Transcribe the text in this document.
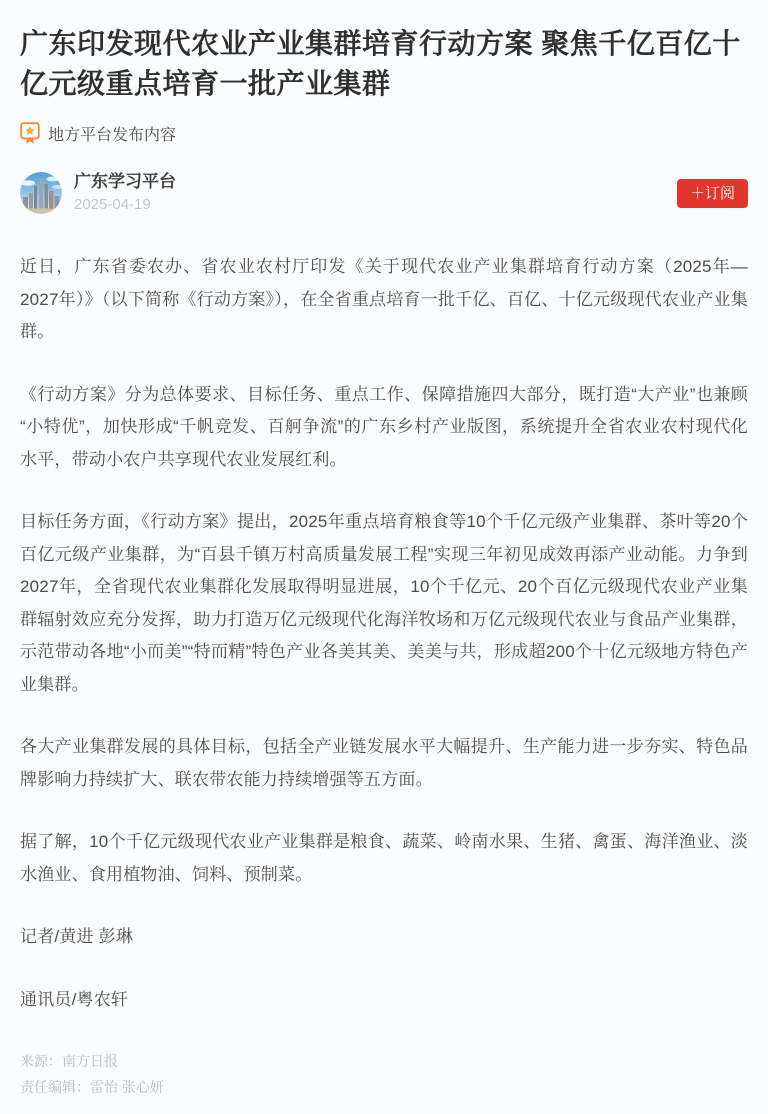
广东印发现代农业产业集群培育行动方案 聚焦千亿百亿十亿元级重点培育一批产业集群
地方平台发布内容
广东学习平台
2025-04-19
＋订阅

近日，广东省委农办、省农业农村厅印发《关于现代农业产业集群培育行动方案（2025年—2027年）》（以下简称《行动方案》），在全省重点培育一批千亿、百亿、十亿元级现代农业产业集群。

《行动方案》分为总体要求、目标任务、重点工作、保障措施四大部分，既打造“大产业”也兼顾“小特优”，加快形成“千帆竞发、百舸争流”的广东乡村产业版图，系统提升全省农业农村现代化水平，带动小农户共享现代农业发展红利。

目标任务方面，《行动方案》提出，2025年重点培育粮食等10个千亿元级产业集群、茶叶等20个百亿元级产业集群，为“百县千镇万村高质量发展工程”实现三年初见成效再添产业动能。力争到2027年，全省现代农业集群化发展取得明显进展，10个千亿元、20个百亿元级现代农业产业集群辐射效应充分发挥，助力打造万亿元级现代化海洋牧场和万亿元级现代农业与食品产业集群，示范带动各地“小而美”“特而精”特色产业各美其美、美美与共，形成超200个十亿元级地方特色产业集群。

各大产业集群发展的具体目标，包括全产业链发展水平大幅提升、生产能力进一步夯实、特色品牌影响力持续扩大、联农带农能力持续增强等五方面。

据了解，10个千亿元级现代农业产业集群是粮食、蔬菜、岭南水果、生猪、禽蛋、海洋渔业、淡水渔业、食用植物油、饲料、预制菜。

记者/黄进 彭琳

通讯员/粤农轩

来源：南方日报
责任编辑：雷怡 张心妍
